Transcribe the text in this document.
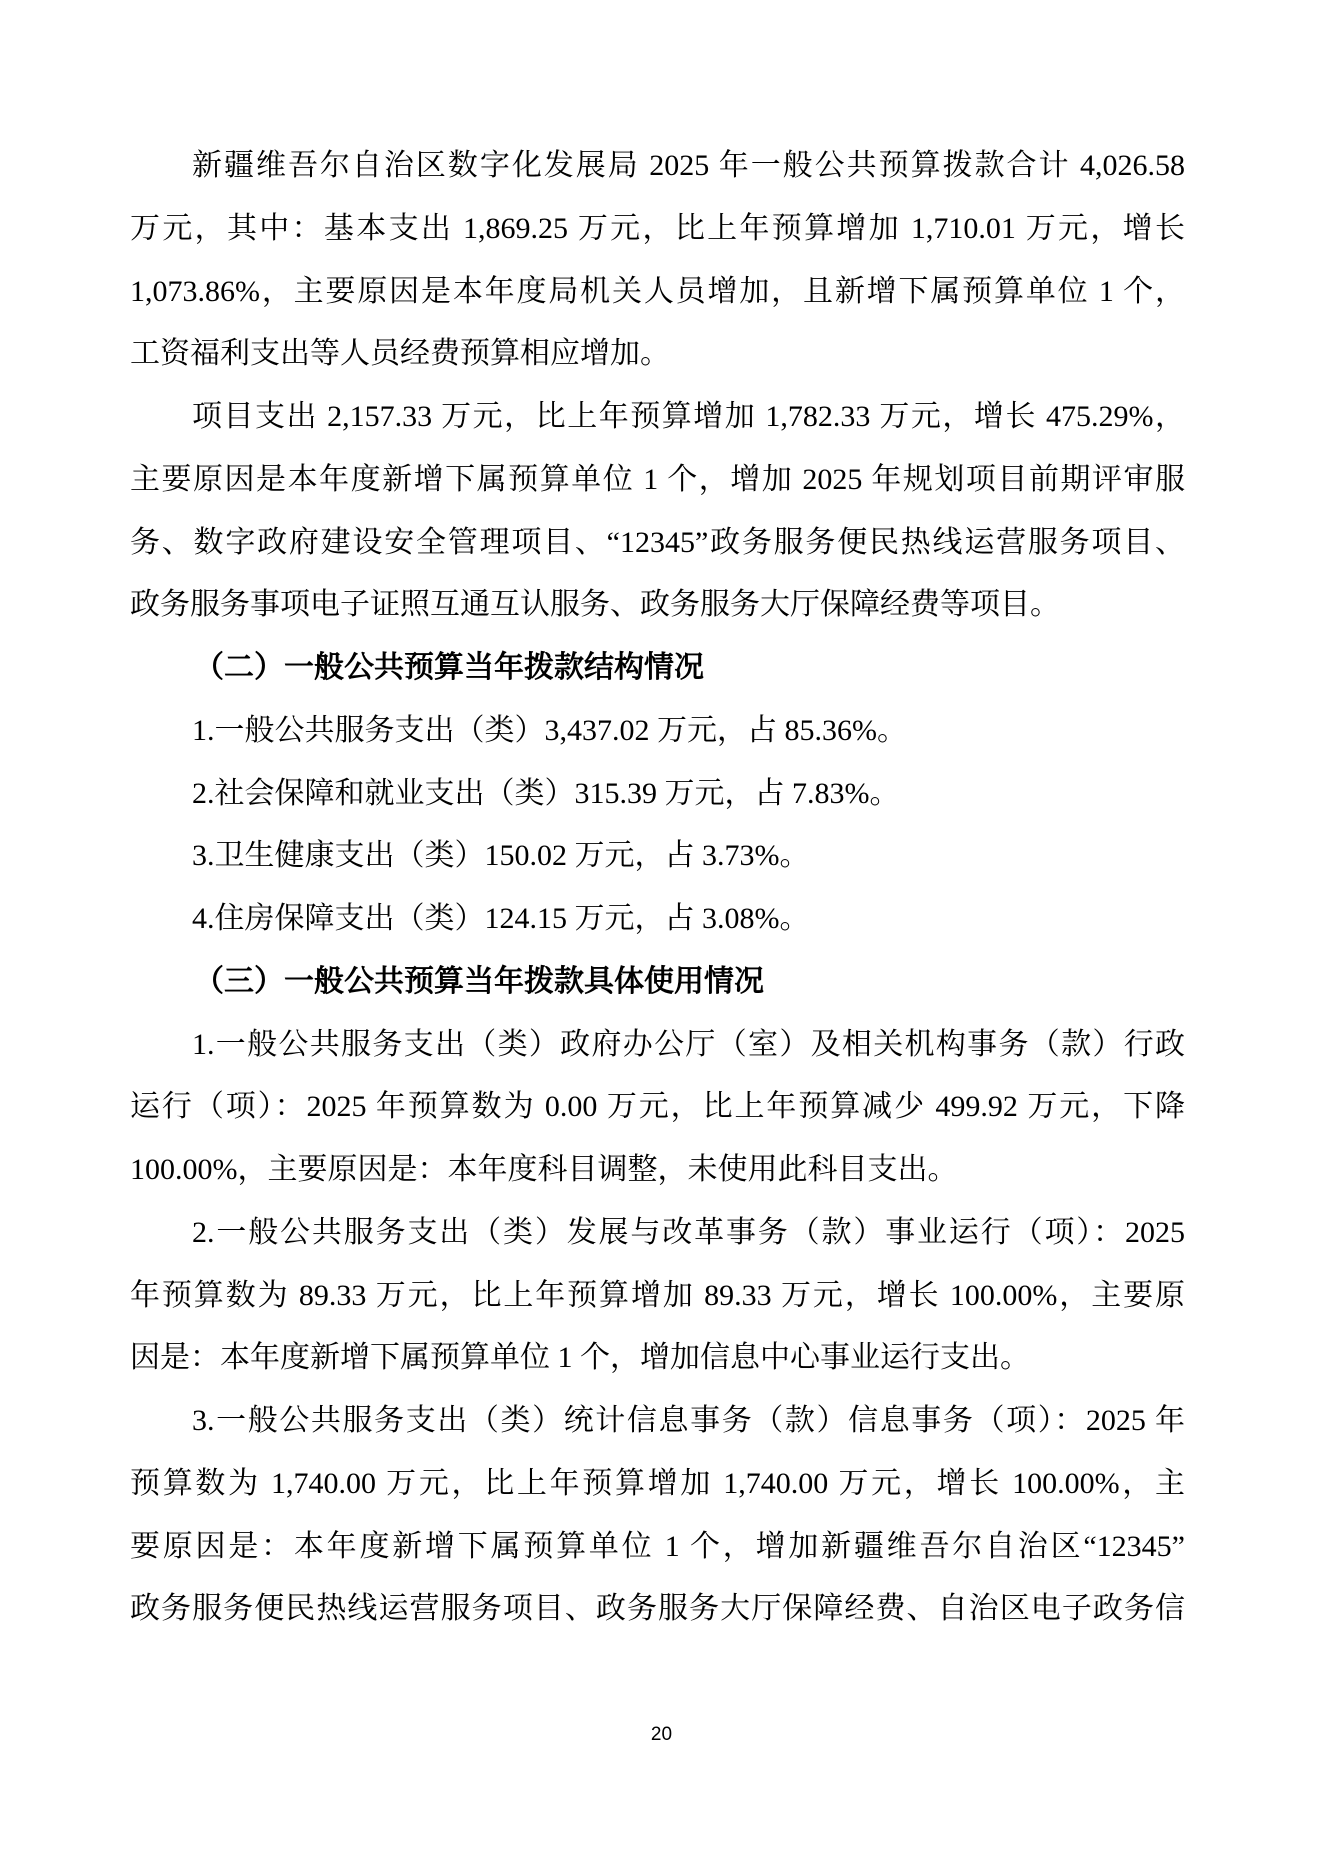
新疆维吾尔自治区数字化发展局 2025 年一般公共预算拨款合计 4,026.58
万元，其中：基本支出 1,869.25 万元，比上年预算增加 1,710.01 万元，增长
1,073.86%，主要原因是本年度局机关人员增加，且新增下属预算单位 1 个，
工资福利支出等人员经费预算相应增加。
项目支出 2,157.33 万元，比上年预算增加 1,782.33 万元，增长 475.29%，
主要原因是本年度新增下属预算单位 1 个，增加 2025 年规划项目前期评审服
务、数字政府建设安全管理项目、“12345”政务服务便民热线运营服务项目、
政务服务事项电子证照互通互认服务、政务服务大厅保障经费等项目。
（二）一般公共预算当年拨款结构情况
1.一般公共服务支出（类）3,437.02 万元，占 85.36%。
2.社会保障和就业支出（类）315.39 万元，占 7.83%。
3.卫生健康支出（类）150.02 万元，占 3.73%。
4.住房保障支出（类）124.15 万元，占 3.08%。
（三）一般公共预算当年拨款具体使用情况
1.一般公共服务支出（类）政府办公厅（室）及相关机构事务（款）行政
运行（项）：2025 年预算数为 0.00 万元，比上年预算减少 499.92 万元，下降
100.00%，主要原因是：本年度科目调整，未使用此科目支出。
2.一般公共服务支出（类）发展与改革事务（款）事业运行（项）：2025
年预算数为 89.33 万元，比上年预算增加 89.33 万元，增长 100.00%，主要原
因是：本年度新增下属预算单位 1 个，增加信息中心事业运行支出。
3.一般公共服务支出（类）统计信息事务（款）信息事务（项）：2025 年
预算数为 1,740.00 万元，比上年预算增加 1,740.00 万元，增长 100.00%，主
要原因是：本年度新增下属预算单位 1 个，增加新疆维吾尔自治区“12345”
政务服务便民热线运营服务项目、政务服务大厅保障经费、自治区电子政务信
20
